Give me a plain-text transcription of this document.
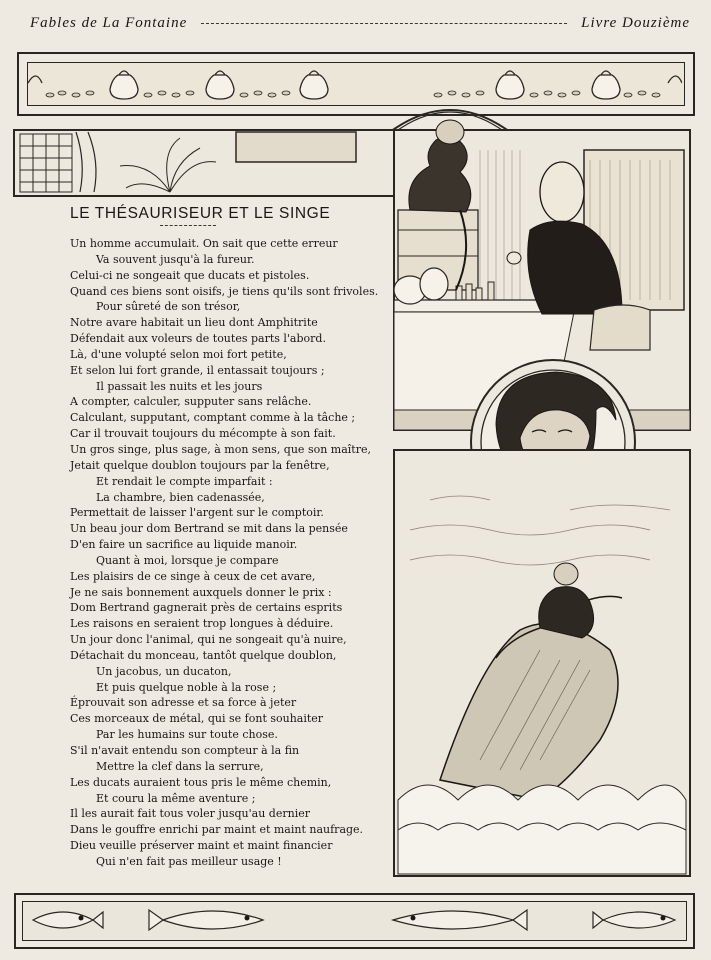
Fables de La Fontaine	Livre Douzième
LE THÉSAURISEUR ET LE SINGE
Un homme accumulait. On sait que cette erreur
Va souvent jusqu'à la fureur.
Celui-ci ne songeait que ducats et pistoles.
Quand ces biens sont oisifs, je tiens qu'ils sont frivoles.
Pour sûreté de son trésor,
Notre avare habitait un lieu dont Amphitrite
Défendait aux voleurs de toutes parts l'abord.
Là, d'une volupté selon moi fort petite,
Et selon lui fort grande, il entassait toujours ;
Il passait les nuits et les jours
A compter, calculer, supputer sans relâche.
Calculant, supputant, comptant comme à la tâche ;
Car il trouvait toujours du mécompte à son fait.
Un gros singe, plus sage, à mon sens, que son maître,
Jetait quelque doublon toujours par la fenêtre,
Et rendait le compte imparfait :
La chambre, bien cadenassée,
Permettait de laisser l'argent sur le comptoir.
Un beau jour dom Bertrand se mit dans la pensée
D'en faire un sacrifice au liquide manoir.
Quant à moi, lorsque je compare
Les plaisirs de ce singe à ceux de cet avare,
Je ne sais bonnement auxquels donner le prix :
Dom Bertrand gagnerait près de certains esprits
Les raisons en seraient trop longues à déduire.
Un jour donc l'animal, qui ne songeait qu'à nuire,
Détachait du monceau, tantôt quelque doublon,
Un jacobus, un ducaton,
Et puis quelque noble à la rose ;
Éprouvait son adresse et sa force à jeter
Ces morceaux de métal, qui se font souhaiter
Par les humains sur toute chose.
S'il n'avait entendu son compteur à la fin
Mettre la clef dans la serrure,
Les ducats auraient tous pris le même chemin,
Et couru la même aventure ;
Il les aurait fait tous voler jusqu'au dernier
Dans le gouffre enrichi par maint et maint naufrage.
Dieu veuille préserver maint et maint financier
Qui n'en fait pas meilleur usage !
